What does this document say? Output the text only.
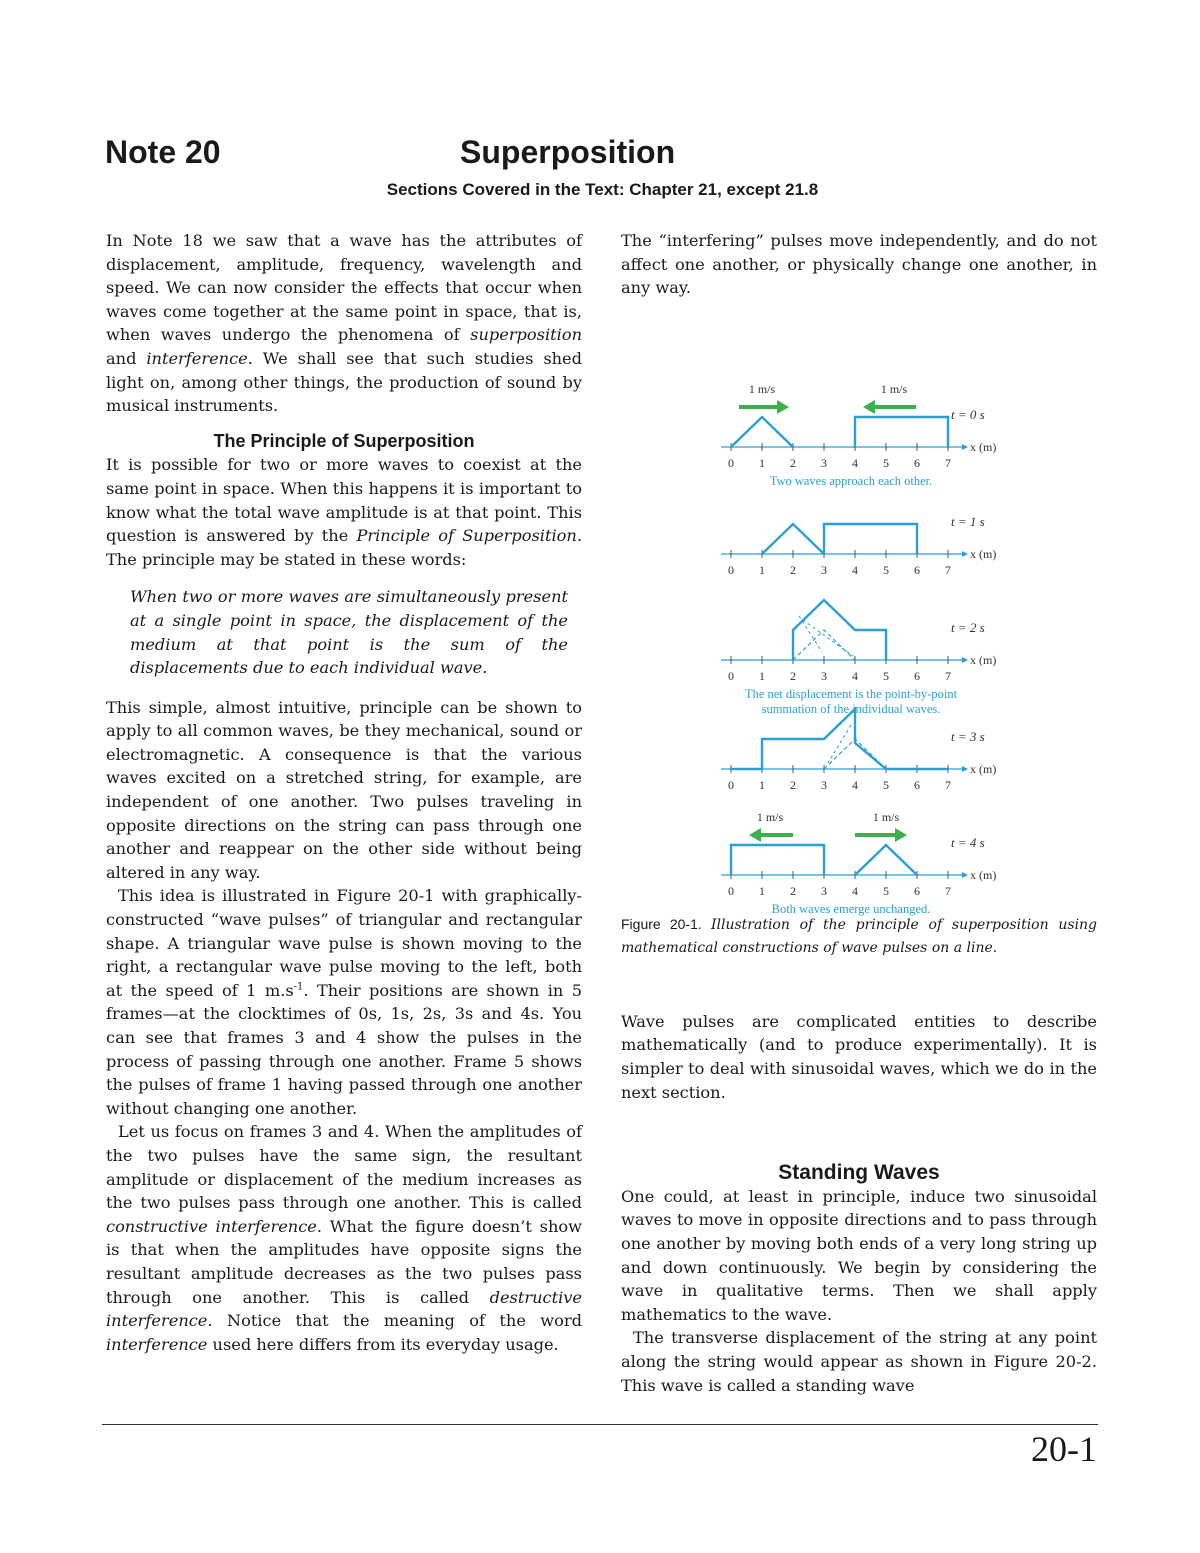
Note 20	Superposition
Sections Covered in the Text: Chapter 21, except 21.8

In Note 18 we saw that a wave has the attributes of displacement, amplitude, frequency, wavelength and speed. We can now consider the effects that occur when waves come together at the same point in space, that is, when waves undergo the phenomena of superposition and interference. We shall see that such studies shed light on, among other things, the production of sound by musical instruments.

The Principle of Superposition

It is possible for two or more waves to coexist at the same point in space. When this happens it is important to know what the total wave amplitude is at that point. This question is answered by the Principle of Superposition. The principle may be stated in these words:

When two or more waves are simultaneously present at a single point in space, the displacement of the medium at that point is the sum of the displacements due to each individual wave.

This simple, almost intuitive, principle can be shown to apply to all common waves, be they mechanical, sound or electromagnetic. A consequence is that the various waves excited on a stretched string, for example, are independent of one another. Two pulses traveling in opposite directions on the string can pass through one another and reappear on the other side without being altered in any way.

This idea is illustrated in Figure 20-1 with graphically-constructed “wave pulses” of triangular and rectangular shape. A triangular wave pulse is shown moving to the right, a rectangular wave pulse moving to the left, both at the speed of 1 $m.s^{-1}$. Their positions are shown in 5 frames—at the clocktimes of 0s, 1s, 2s, 3s and 4s. You can see that frames 3 and 4 show the pulses in the process of passing through one another. Frame 5 shows the pulses of frame 1 having passed through one another without changing one another.

Let us focus on frames 3 and 4. When the amplitudes of the two pulses have the same sign, the resultant amplitude or displacement of the medium increases as the two pulses pass through one another. This is called constructive interference. What the figure doesn’t show is that when the amplitudes have opposite signs the resultant amplitude decreases as the two pulses pass through one another. This is called destructive interference. Notice that the meaning of the word interference used here differs from its everyday usage.

The “interfering” pulses move independently, and do not affect one another, or physically change one another, in any way.

x (m)
0 1 2 3 4 5 6 7
t = 0 s
1 m/s	1 m/s
Two waves approach each other.
x (m)
0 1 2 3 4 5 6 7
t = 1 s
x (m)
0 1 2 3 4 5 6 7
t = 2 s
The net displacement is the point-by-point
summation of the individual waves.
x (m)
0 1 2 3 4 5 6 7
t = 3 s
x (m)
0 1 2 3 4 5 6 7
t = 4 s
1 m/s	1 m/s
Both waves emerge unchanged.

Figure 20-1. Illustration of the principle of superposition using mathematical constructions of wave pulses on a line.

Wave pulses are complicated entities to describe mathematically (and to produce experimentally). It is simpler to deal with sinusoidal waves, which we do in the next section.

Standing Waves

One could, at least in principle, induce two sinusoidal waves to move in opposite directions and to pass through one another by moving both ends of a very long string up and down continuously. We begin by considering the wave in qualitative terms. Then we shall apply mathematics to the wave.

The transverse displacement of the string at any point along the string would appear as shown in Figure 20-2. This wave is called a standing wave

20-1
